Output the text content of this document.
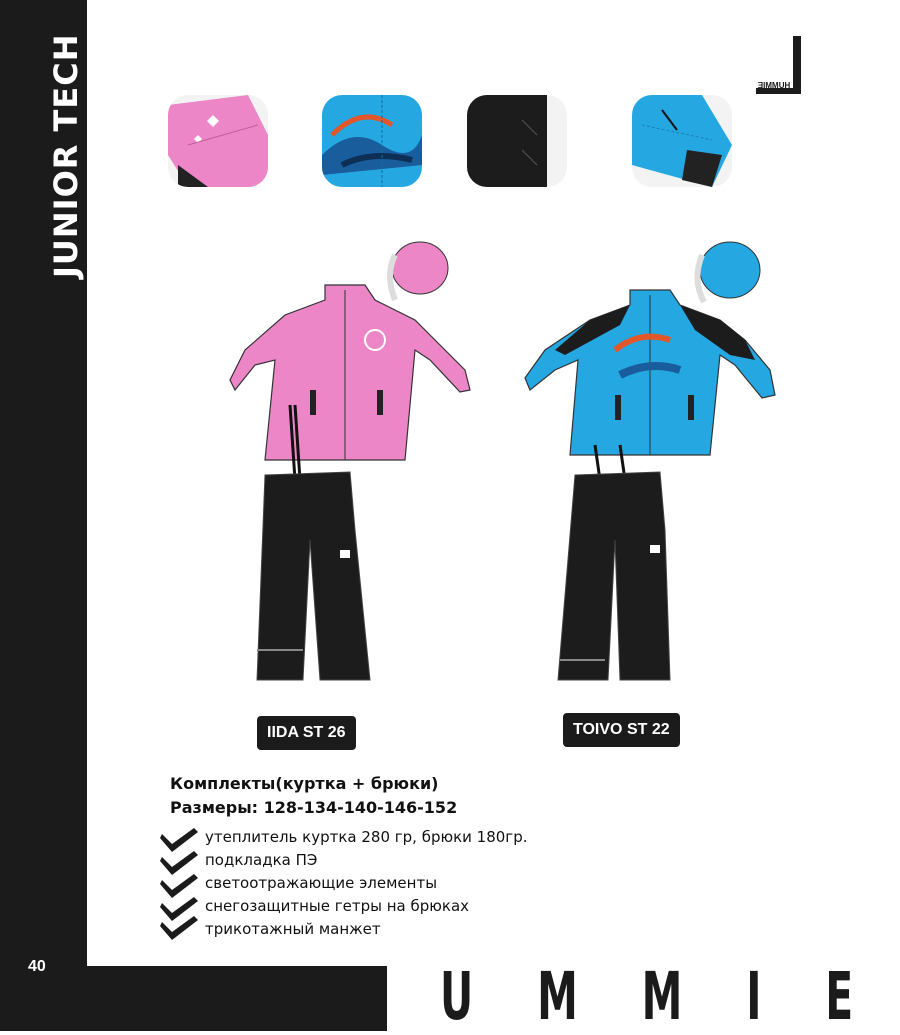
JUNIOR TECH
40
HUMMIE
IIDA ST 26	TOIVO ST 22
Комплекты(куртка + брюки)
Размеры: 128-134-140-146-152
утеплитель куртка 280 гр, брюки 180гр.
подкладка ПЭ
светоотражающие элементы
снегозащитные гетры на брюках
трикотажный манжет
U M M I E
